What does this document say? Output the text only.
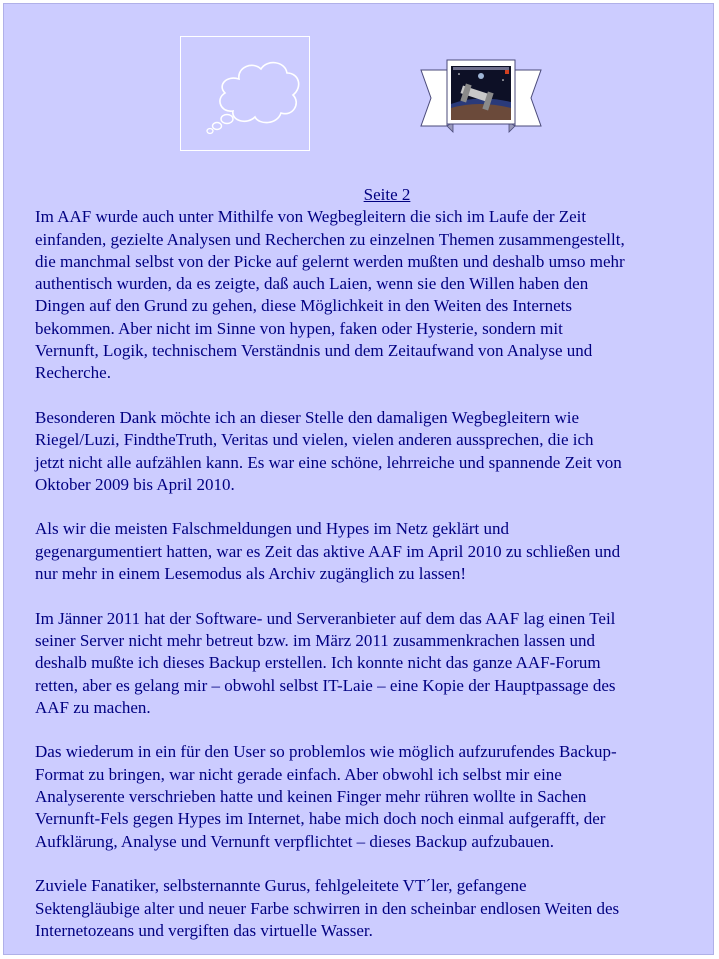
Seite 2

Im AAF wurde auch unter Mithilfe von Wegbegleitern die sich im Laufe der Zeit
einfanden, gezielte Analysen und Recherchen zu einzelnen Themen zusammengestellt,
die manchmal selbst von der Picke auf gelernt werden mußten und deshalb umso mehr
authentisch wurden, da es zeigte, daß auch Laien, wenn sie den Willen haben den
Dingen auf den Grund zu gehen, diese Möglichkeit in den Weiten des Internets
bekommen. Aber nicht im Sinne von hypen, faken oder Hysterie, sondern mit
Vernunft, Logik, technischem Verständnis und dem Zeitaufwand von Analyse und
Recherche.

Besonderen Dank möchte ich an dieser Stelle den damaligen Wegbegleitern wie
Riegel/Luzi, FindtheTruth, Veritas und vielen, vielen anderen aussprechen, die ich
jetzt nicht alle aufzählen kann. Es war eine schöne, lehrreiche und spannende Zeit von
Oktober 2009 bis April 2010.

Als wir die meisten Falschmeldungen und Hypes im Netz geklärt und
gegenargumentiert hatten, war es Zeit das aktive AAF im April 2010 zu schließen und
nur mehr in einem Lesemodus als Archiv zugänglich zu lassen!

Im Jänner 2011 hat der Software- und Serveranbieter auf dem das AAF lag einen Teil
seiner Server nicht mehr betreut bzw. im März 2011 zusammenkrachen lassen und
deshalb mußte ich dieses Backup erstellen. Ich konnte nicht das ganze AAF-Forum
retten, aber es gelang mir – obwohl selbst IT-Laie – eine Kopie der Hauptpassage des
AAF zu machen.

Das wiederum in ein für den User so problemlos wie möglich aufzurufendes Backup-
Format zu bringen, war nicht gerade einfach. Aber obwohl ich selbst mir eine
Analyserente verschrieben hatte und keinen Finger mehr rühren wollte in Sachen
Vernunft-Fels gegen Hypes im Internet, habe mich doch noch einmal aufgerafft, der
Aufklärung, Analyse und Vernunft verpflichtet – dieses Backup aufzubauen.

Zuviele Fanatiker, selbsternannte Gurus, fehlgeleitete VT´ler, gefangene
Sektengläubige alter und neuer Farbe schwirren in den scheinbar endlosen Weiten des
Internetozeans und vergiften das virtuelle Wasser.
